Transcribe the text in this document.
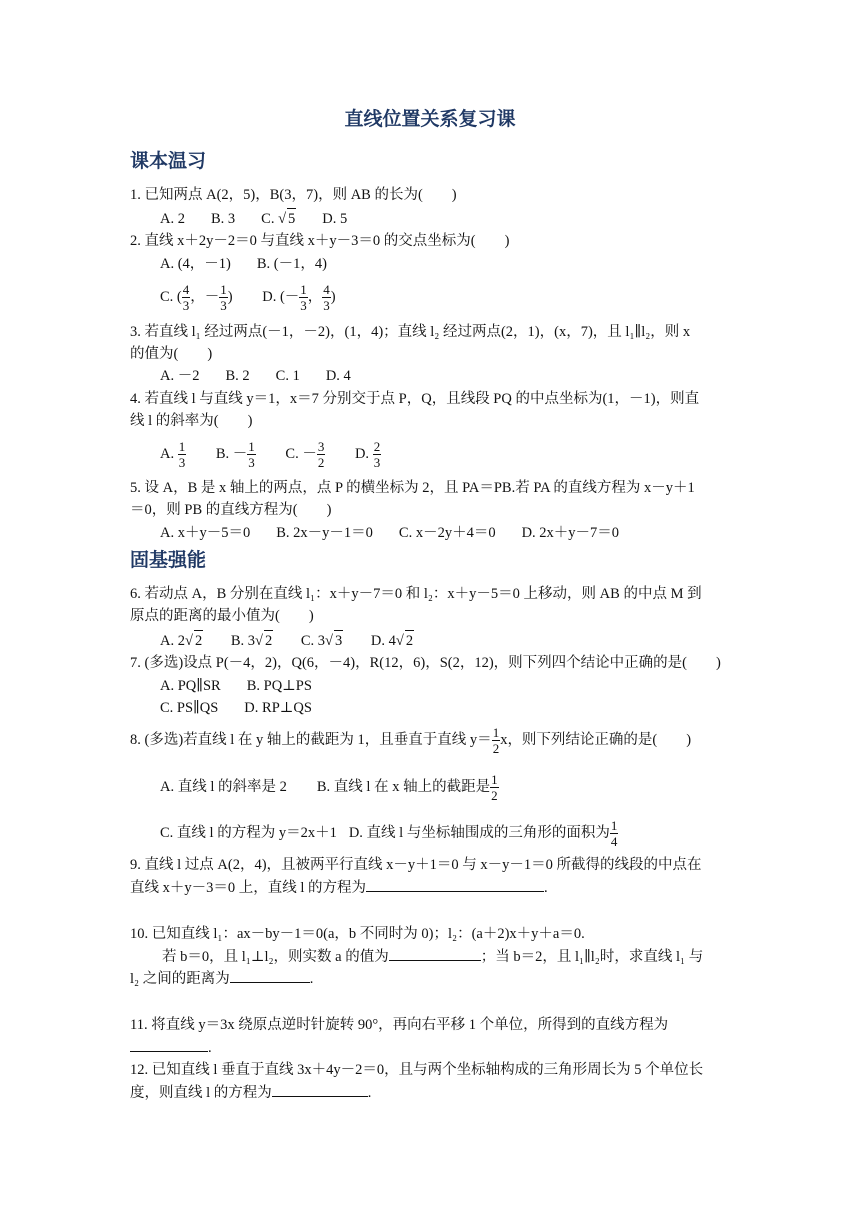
直线位置关系复习课
课本温习
1. 已知两点 A(2，5)，B(3，7)，则 AB 的长为(　　)
A. 2 B. 3 C. √ 5 D. 5
2. 直线 x＋2y－2＝0 与直线 x＋y－3＝0 的交点坐标为(　　)
A. (4，－1) B. (－1，4)
C. ( $\frac{4}{3}$ ，－ $\frac{1}{3}$ ) D. (－ $\frac{1}{3}$ ， $\frac{4}{3}$ )
3. 若直线 l₁ 经过两点(－1，－2)，(1，4)；直线 l₂ 经过两点(2，1)，(x，7)，且 l₁∥l₂，则 x
的值为(　　)
A. －2 B. 2 C. 1 D. 4
4. 若直线 l 与直线 y＝1，x＝7 分别交于点 P，Q，且线段 PQ 的中点坐标为(1，－1)，则直
线 l 的斜率为(　　)
A. $\frac{1}{3} B$. － $\frac{1}{3} C$. － $\frac{3}{2} D$. $\frac{2}{3}$
5. 设 A，B 是 x 轴上的两点，点 P 的横坐标为 2，且 PA＝PB.若 PA 的直线方程为 x－y＋1
＝0，则 PB 的直线方程为(　　)
A. x＋y－5＝0 B. 2x－y－1＝0 C. x－2y＋4＝0 D. 2x＋y－7＝0
固基强能
6. 若动点 A，B 分别在直线 l₁：x＋y－7＝0 和 l₂：x＋y－5＝0 上移动，则 AB 的中点 M 到
原点的距离的最小值为(　　)
A. 2√ 2 B. 3√ 2 C. 3√ 3 D. 4√ 2
7. (多选)设点 P(－4，2)，Q(6，－4)，R(12，6)，S(2，12)，则下列四个结论中正确的是(　　)
A. PQ∥SR B. PQ⊥PS
C. PS∥QS D. RP⊥QS
8. (多选)若直线 l 在 y 轴上的截距为 1，且垂直于直线 $y= \frac{1}{2}$ x，则下列结论正确的是(　　)
A. 直线 l 的斜率是 2 B. 直线 l 在 x 轴上的截距是 $\frac{1}{2}$
C. 直线 l 的方程为 y＝2x＋1 D. 直线 l 与坐标轴围成的三角形的面积为 $\frac{1}{4}$
9. 直线 l 过点 A(2，4)，且被两平行直线 x－y＋1＝0 与 x－y－1＝0 所截得的线段的中点在
直线 x＋y－3＝0 上，直线 l 的方程为	.
10. 已知直线 l₁：ax－by－1＝0(a，b 不同时为 0)；l₂：(a＋2)x＋y＋a＝0.
若 b＝0，且 l₁⊥l₂，则实数 a 的值为	；当 b＝2，且 l₁∥l₂时，求直线 l₁ 与
l₂ 之间的距离为	.
11. 将直线 y＝3x 绕原点逆时针旋转 90°，再向右平移 1 个单位，所得到的直线方程为
.
12. 已知直线 l 垂直于直线 3x＋4y－2＝0，且与两个坐标轴构成的三角形周长为 5 个单位长
度，则直线 l 的方程为	.
